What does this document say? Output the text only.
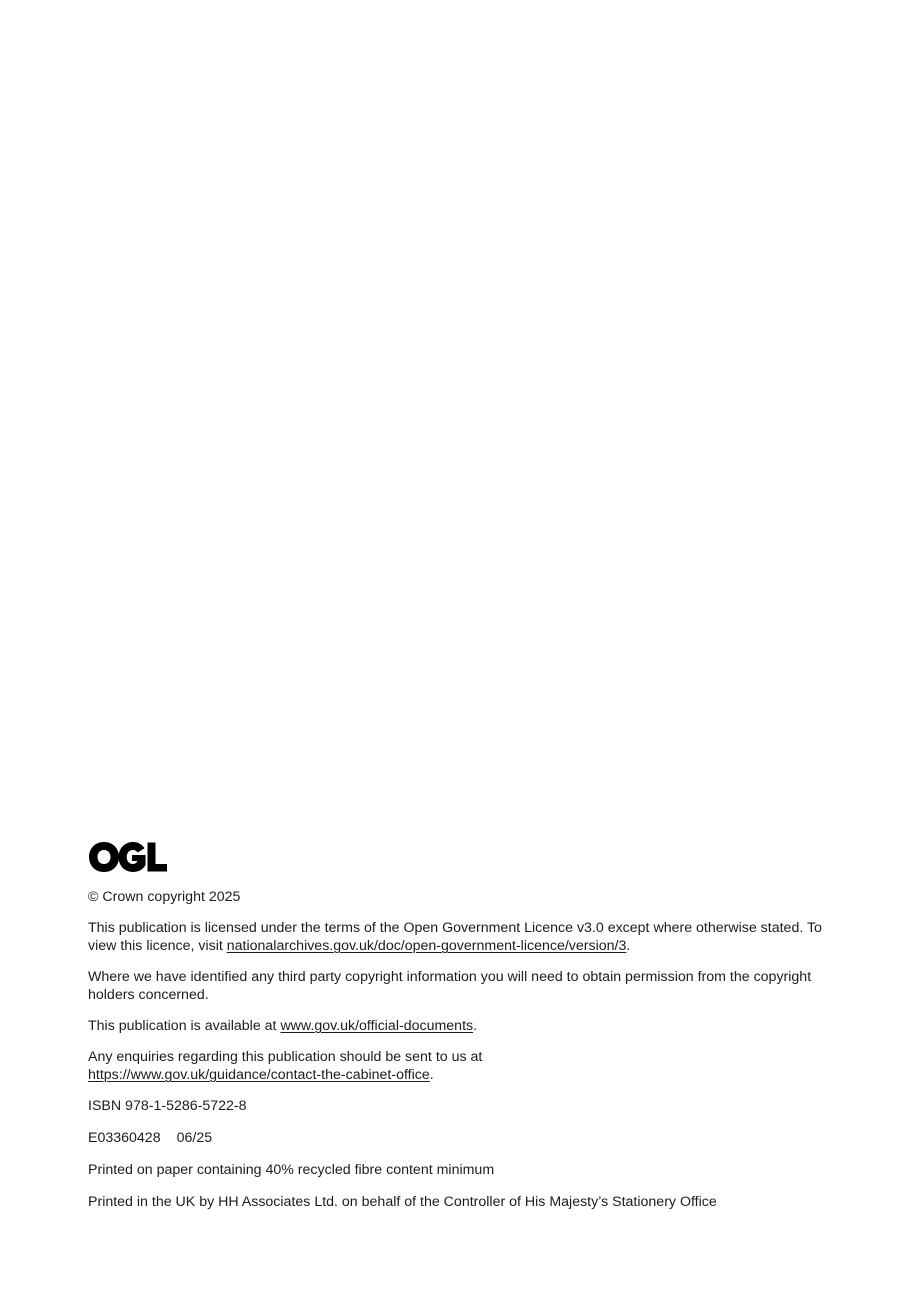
© Crown copyright 2025

This publication is licensed under the terms of the Open Government Licence v3.0 except where otherwise stated. To view this licence, visit nationalarchives.gov.uk/doc/open-government-licence/version/3.

Where we have identified any third party copyright information you will need to obtain permission from the copyright holders concerned.

This publication is available at www.gov.uk/official-documents.

Any enquiries regarding this publication should be sent to us at
https://www.gov.uk/guidance/contact-the-cabinet-office.

ISBN 978-1-5286-5722-8

E03360428 06/25

Printed on paper containing 40% recycled fibre content minimum

Printed in the UK by HH Associates Ltd. on behalf of the Controller of His Majesty’s Stationery Office
